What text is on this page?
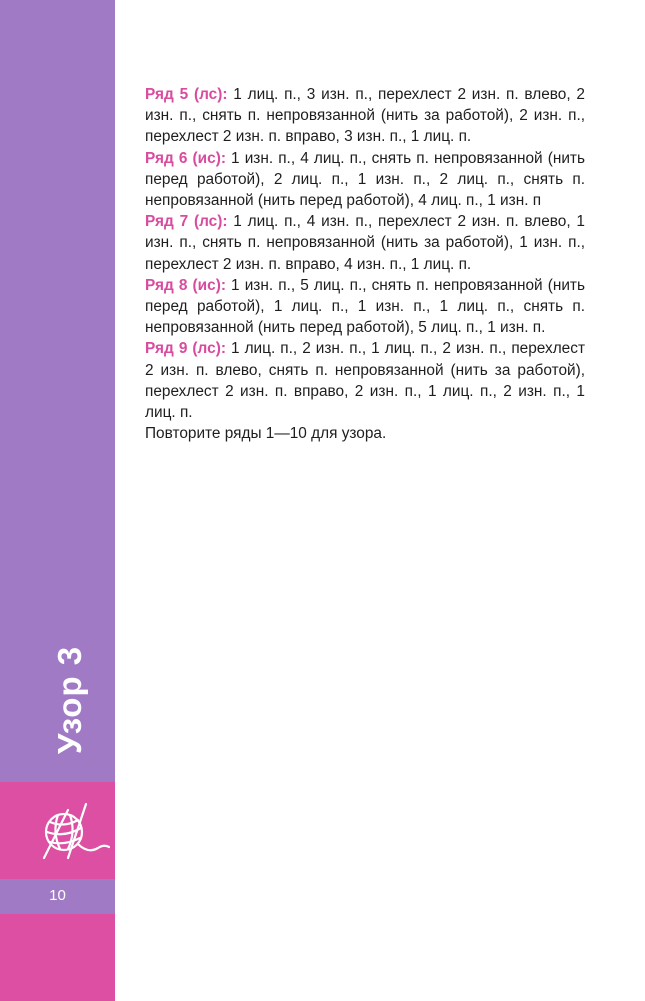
Узор 3
10

Ряд 5 (лс): 1 лиц. п., 3 изн. п., перехлест 2 изн. п. влево, 2 изн. п., снять п. непровязанной (нить за работой), 2 изн. п., перехлест 2 изн. п. вправо, 3 изн. п., 1 лиц. п.

Ряд 6 (ис): 1 изн. п., 4 лиц. п., снять п. непровязанной (нить перед работой), 2 лиц. п., 1 изн. п., 2 лиц. п., снять п. непровязанной (нить перед работой), 4 лиц. п., 1 изн. п

Ряд 7 (лс): 1 лиц. п., 4 изн. п., перехлест 2 изн. п. влево, 1 изн. п., снять п. непровязанной (нить за работой), 1 изн. п., перехлест 2 изн. п. вправо, 4 изн. п., 1 лиц. п.

Ряд 8 (ис): 1 изн. п., 5 лиц. п., снять п. непровязанной (нить перед работой), 1 лиц. п., 1 изн. п., 1 лиц. п., снять п. непровязанной (нить перед работой), 5 лиц. п., 1 изн. п.

Ряд 9 (лс): 1 лиц. п., 2 изн. п., 1 лиц. п., 2 изн. п., перехлест 2 изн. п. влево, снять п. непровязанной (нить за работой), перехлест 2 изн. п. вправо, 2 изн. п., 1 лиц. п., 2 изн. п., 1 лиц. п.

Повторите ряды 1—10 для узора.
